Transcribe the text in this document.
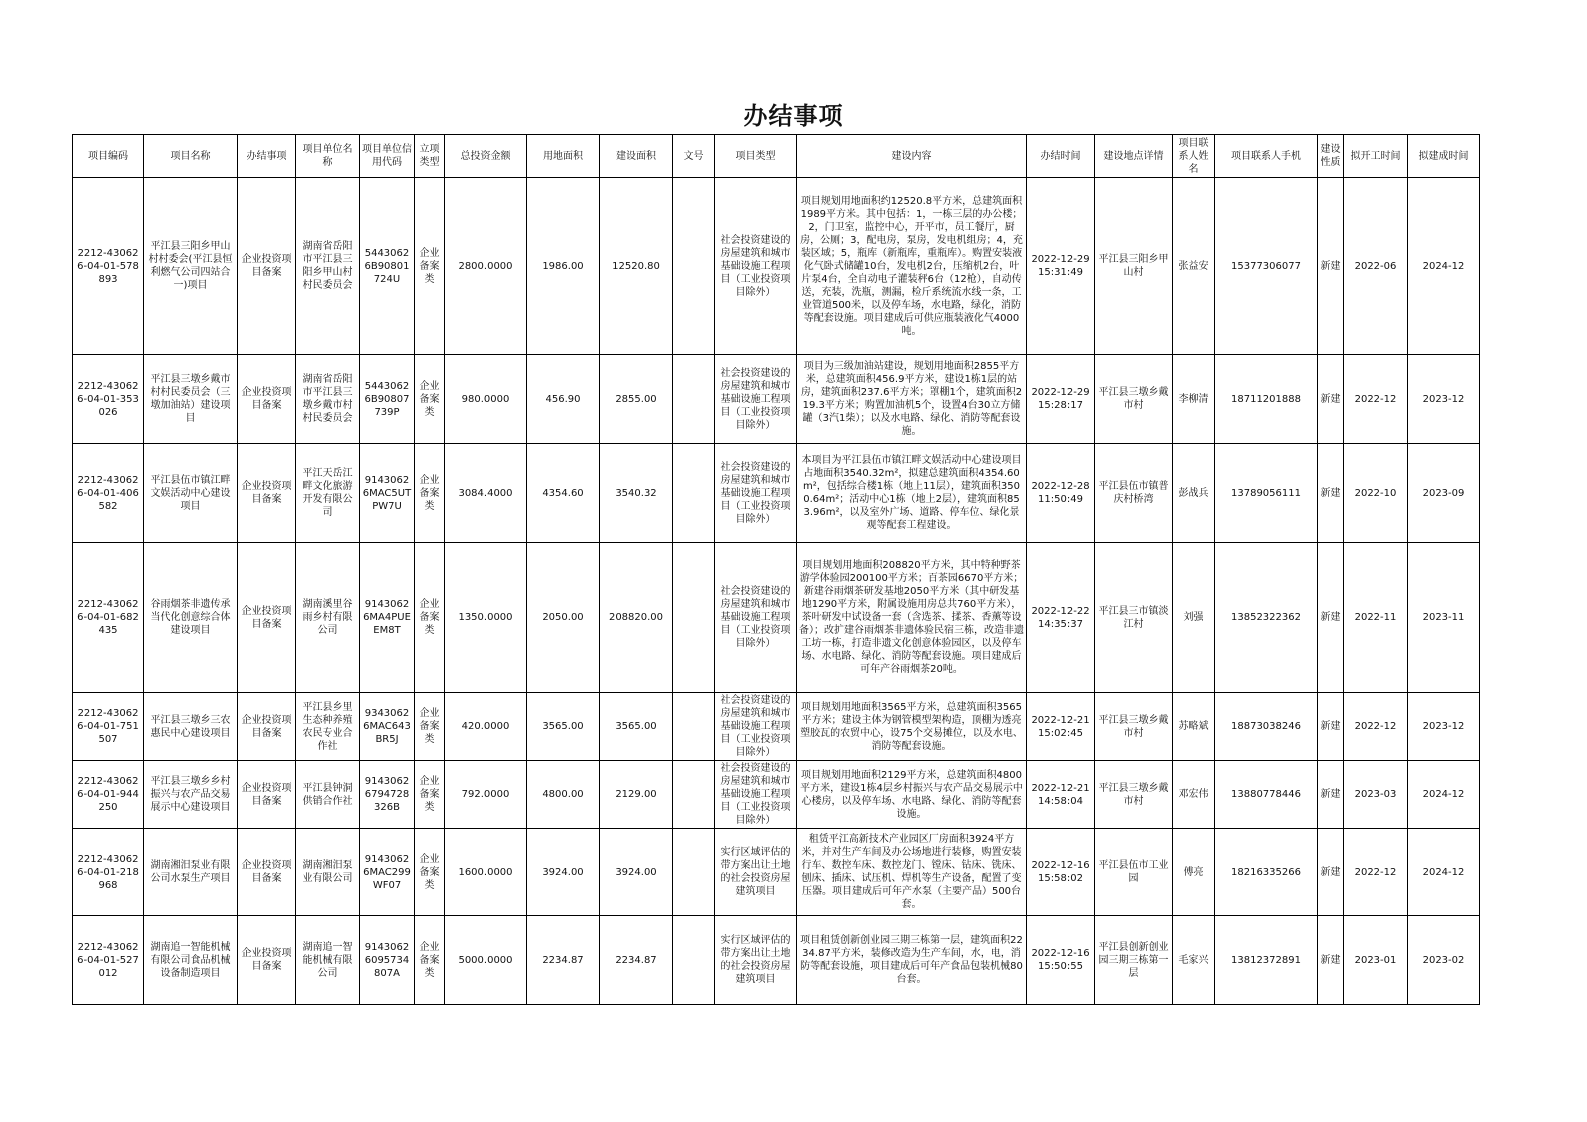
办结事项
项目编码	项目名称	办结事项	项目单位名称	项目单位信用代码	立项类型	总投资金额	用地面积	建设面积	文号	项目类型	建设内容	办结时间	建设地点详情	项目联系人姓名	项目联系人手机	建设性质	拟开工时间	拟建成时间
2212-430626-04-01-578893	平江县三阳乡甲山村村委会(平江县恒利燃气公司四站合一)项目	企业投资项目备案	湖南省岳阳市平江县三阳乡甲山村村民委员会	54430626B90801724U	企业备案类	2800.0000	1986.00	12520.80		社会投资建设的房屋建筑和城市基础设施工程项目（工业投资项目除外）	项目规划用地面积约12520.8平方米，总建筑面积1989平方米。其中包括：1，一栋三层的办公楼；2，门卫室，监控中心，开平市，员工餐厅，厨房，公厕；3，配电房，泵房，发电机组房；4，充装区域；5，瓶库（新瓶库，重瓶库）。购置安装液化气卧式储罐10台，发电机2台，压缩机2台，叶片泵4台，全自动电子灌装秤6台（12枪），自动传送，充装，洗瓶，测漏，检斤系统流水线一条，工业管道500米，以及停车场，水电路，绿化，消防等配套设施。项目建成后可供应瓶装液化气4000吨。	2022-12-29 15:31:49	平江县三阳乡甲山村	张益安	15377306077	新建	2022-06	2024-12
2212-430626-04-01-353026	平江县三墩乡戴市村村民委员会（三墩加油站）建设项目	企业投资项目备案	湖南省岳阳市平江县三墩乡戴市村村民委员会	54430626B90807739P	企业备案类	980.0000	456.90	2855.00		社会投资建设的房屋建筑和城市基础设施工程项目（工业投资项目除外）	项目为三级加油站建设，规划用地面积2855平方米，总建筑面积456.9平方米，建设1栋1层的站房，建筑面积237.6平方米；罩棚1个，建筑面积219.3平方米；购置加油机5个，设置4台30立方储罐（3汽1柴）；以及水电路、绿化、消防等配套设施。	2022-12-29 15:28:17	平江县三墩乡戴市村	李柳清	18711201888	新建	2022-12	2023-12
2212-430626-04-01-406582	平江县伍市镇江畔文娱活动中心建设项目	企业投资项目备案	平江天岳江畔文化旅游开发有限公司	91430626MAC5UTPW7U	企业备案类	3084.4000	4354.60	3540.32		社会投资建设的房屋建筑和城市基础设施工程项目（工业投资项目除外）	本项目为平江县伍市镇江畔文娱活动中心建设项目占地面积3540.32m²，拟建总建筑面积4354.60m²，包括综合楼1栋（地上11层），建筑面积3500.64m²；活动中心1栋（地上2层），建筑面积853.96m²，以及室外广场、道路、停车位、绿化景观等配套工程建设。	2022-12-28 11:50:49	平江县伍市镇普庆村桥湾	彭战兵	13789056111	新建	2022-10	2023-09
2212-430626-04-01-682435	谷雨烟茶非遗传承当代化创意综合体建设项目	企业投资项目备案	湖南溪里谷雨乡村有限公司	91430626MA4PUEEM8T	企业备案类	1350.0000	2050.00	208820.00		社会投资建设的房屋建筑和城市基础设施工程项目（工业投资项目除外）	项目规划用地面积208820平方米，其中特种野茶游学体验园200100平方米；百茶园6670平方米；新建谷雨烟茶研发基地2050平方米（其中研发基地1290平方米，附属设施用房总共760平方米），茶叶研发中试设备一套（含选茶、揉茶、香薰等设备）；改扩建谷雨烟茶非遗体验民宿三栋，改造非遗工坊一栋，打造非遗文化创意体验园区，以及停车场、水电路、绿化、消防等配套设施。项目建成后可年产谷雨烟茶20吨。	2022-12-22 14:35:37	平江县三市镇淡江村	刘强	13852322362	新建	2022-11	2023-11
2212-430626-04-01-751507	平江县三墩乡三农惠民中心建设项目	企业投资项目备案	平江县乡里生态种养殖农民专业合作社	93430626MAC643BR5J	企业备案类	420.0000	3565.00	3565.00		社会投资建设的房屋建筑和城市基础设施工程项目（工业投资项目除外）	项目规划用地面积3565平方米，总建筑面积3565平方米；建设主体为钢管模型架构造，顶棚为透亮塑胶瓦的农贸中心，设75个交易摊位，以及水电、消防等配套设施。	2022-12-21 15:02:45	平江县三墩乡戴市村	苏略斌	18873038246	新建	2022-12	2023-12
2212-430626-04-01-944250	平江县三墩乡乡村振兴与农产品交易展示中心建设项目	企业投资项目备案	平江县钟洞供销合作社	91430626794728326B	企业备案类	792.0000	4800.00	2129.00		社会投资建设的房屋建筑和城市基础设施工程项目（工业投资项目除外）	项目规划用地面积2129平方米，总建筑面积4800平方米，建设1栋4层乡村振兴与农产品交易展示中心楼房，以及停车场、水电路、绿化、消防等配套设施。	2022-12-21 14:58:04	平江县三墩乡戴市村	邓宏伟	13880778446	新建	2023-03	2024-12
2212-430626-04-01-218968	湖南湘汨泵业有限公司水泵生产项目	企业投资项目备案	湖南湘汨泵业有限公司	91430626MAC299WF07	企业备案类	1600.0000	3924.00	3924.00		实行区域评估的带方案出让土地的社会投资房屋建筑项目	租赁平江高新技术产业园区厂房面积3924平方米，并对生产车间及办公场地进行装修，购置安装行车、数控车床、数控龙门、镗床、钻床、铣床、刨床、插床、试压机、焊机等生产设备，配置了变压器。项目建成后可年产水泵（主要产品）500台套。	2022-12-16 15:58:02	平江县伍市工业园	傅亮	18216335266	新建	2022-12	2024-12
2212-430626-04-01-527012	湖南追一智能机械有限公司食品机械设备制造项目	企业投资项目备案	湖南追一智能机械有限公司	91430626095734807A	企业备案类	5000.0000	2234.87	2234.87		实行区域评估的带方案出让土地的社会投资房屋建筑项目	项目租赁创新创业园三期三栋第一层，建筑面积2234.87平方米，装修改造为生产车间，水，电，消防等配套设施，项目建成后可年产食品包装机械80台套。	2022-12-16 15:50:55	平江县创新创业园三期三栋第一层	毛家兴	13812372891	新建	2023-01	2023-02
